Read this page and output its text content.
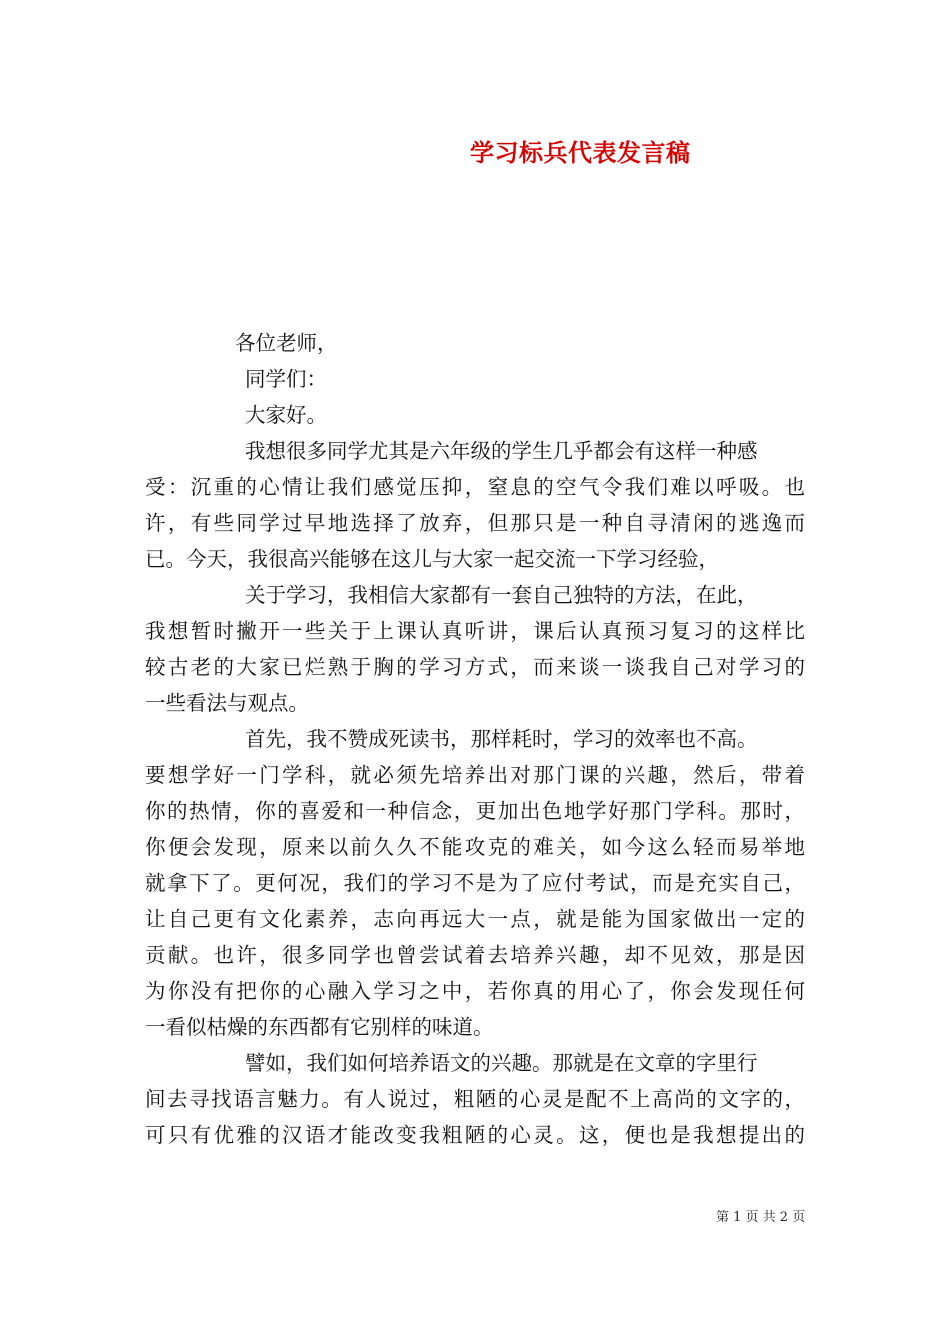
学习标兵代表发言稿
各位老师，
同学们：
大家好。
我想很多同学尤其是六年级的学生几乎都会有这样一种感
受：沉重的心情让我们感觉压抑，窒息的空气令我们难以呼吸。也
许，有些同学过早地选择了放弃，但那只是一种自寻清闲的逃逸而
已。今天，我很高兴能够在这儿与大家一起交流一下学习经验，
关于学习，我相信大家都有一套自己独特的方法，在此，
我想暂时撇开一些关于上课认真听讲，课后认真预习复习的这样比
较古老的大家已烂熟于胸的学习方式，而来谈一谈我自己对学习的
一些看法与观点。
首先，我不赞成死读书，那样耗时，学习的效率也不高。
要想学好一门学科，就必须先培养出对那门课的兴趣，然后，带着
你的热情，你的喜爱和一种信念，更加出色地学好那门学科。那时，
你便会发现，原来以前久久不能攻克的难关，如今这么轻而易举地
就拿下了。更何况，我们的学习不是为了应付考试，而是充实自己，
让自己更有文化素养，志向再远大一点，就是能为国家做出一定的
贡献。也许，很多同学也曾尝试着去培养兴趣，却不见效，那是因
为你没有把你的心融入学习之中，若你真的用心了，你会发现任何
一看似枯燥的东西都有它别样的味道。
譬如，我们如何培养语文的兴趣。那就是在文章的字里行
间去寻找语言魅力。有人说过，粗陋的心灵是配不上高尚的文字的，
可只有优雅的汉语才能改变我粗陋的心灵。这，便也是我想提出的
第 1 页 共 2 页
